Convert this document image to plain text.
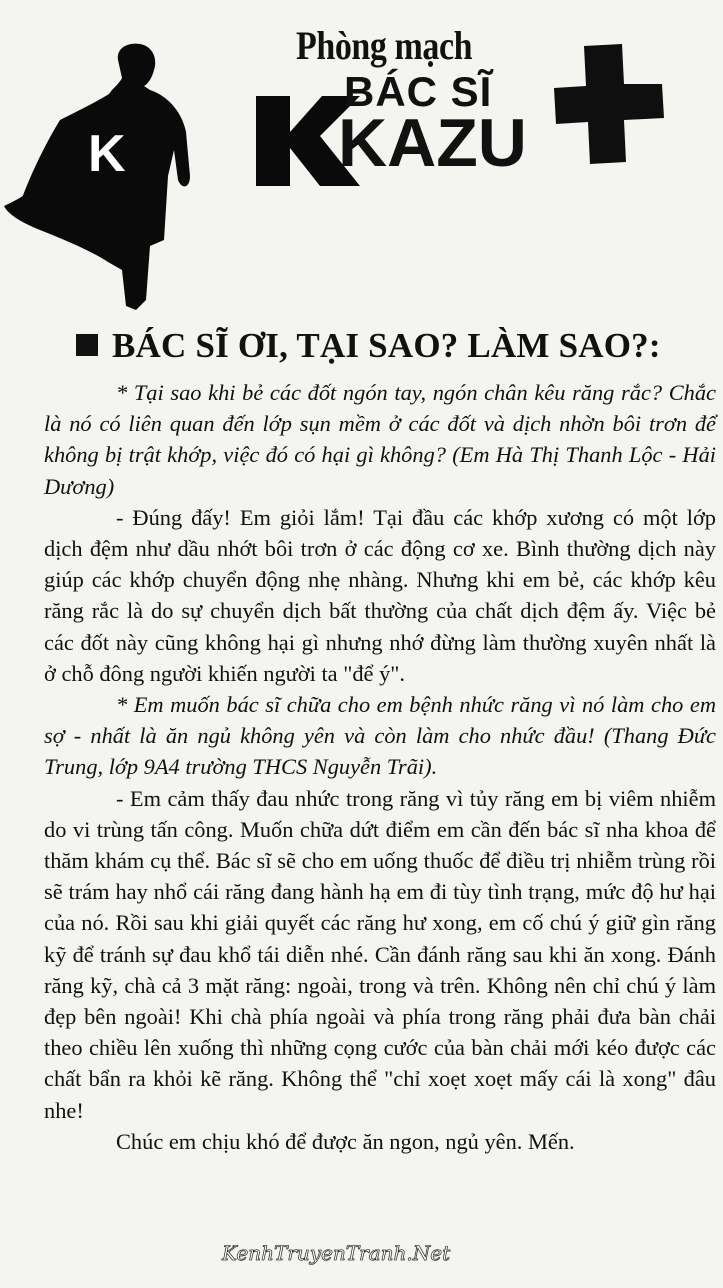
Phòng mạch
BÁC SĨ
KAZU
K
BÁC SĨ ƠI, TẠI SAO? LÀM SAO?:

* Tại sao khi bẻ các đốt ngón tay, ngón chân kêu răng rắc? Chắc là nó có liên quan đến lớp sụn mềm ở các đốt và dịch nhờn bôi trơn để không bị trật khớp, việc đó có hại gì không? (Em Hà Thị Thanh Lộc - Hải Dương)

- Đúng đấy! Em giỏi lắm! Tại đầu các khớp xương có một lớp dịch đệm như dầu nhớt bôi trơn ở các động cơ xe. Bình thường dịch này giúp các khớp chuyển động nhẹ nhàng. Nhưng khi em bẻ, các khớp kêu răng rắc là do sự chuyển dịch bất thường của chất dịch đệm ấy. Việc bẻ các đốt này cũng không hại gì nhưng nhớ đừng làm thường xuyên nhất là ở chỗ đông người khiến người ta "để ý".

* Em muốn bác sĩ chữa cho em bệnh nhức răng vì nó làm cho em sợ - nhất là ăn ngủ không yên và còn làm cho nhức đầu! (Thang Đức Trung, lớp 9A4 trường THCS Nguyễn Trãi).

- Em cảm thấy đau nhức trong răng vì tủy răng em bị viêm nhiễm do vi trùng tấn công. Muốn chữa dứt điểm em cần đến bác sĩ nha khoa để thăm khám cụ thể. Bác sĩ sẽ cho em uống thuốc để điều trị nhiễm trùng rồi sẽ trám hay nhổ cái răng đang hành hạ em đi tùy tình trạng, mức độ hư hại của nó. Rồi sau khi giải quyết các răng hư xong, em cố chú ý giữ gìn răng kỹ để tránh sự đau khổ tái diễn nhé. Cần đánh răng sau khi ăn xong. Đánh răng kỹ, chà cả 3 mặt răng: ngoài, trong và trên. Không nên chỉ chú ý làm đẹp bên ngoài! Khi chà phía ngoài và phía trong răng phải đưa bàn chải theo chiều lên xuống thì những cọng cước của bàn chải mới kéo được các chất bẩn ra khỏi kẽ răng. Không thể "chỉ xoẹt xoẹt mấy cái là xong" đâu nhe!

Chúc em chịu khó để được ăn ngon, ngủ yên. Mến.

KenhTruyenTranh.Net
